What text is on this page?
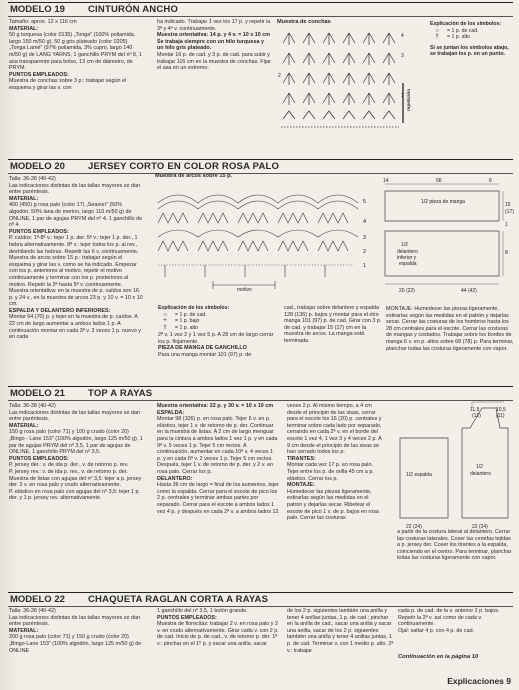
MODELO 19	CINTURÓN ANCHO

Tamaño: aprox. 12 x 116 cm

MATERIAL:

50 g turquesa (color 0135) „Tonga" (100% poliamida, largo 150 m/50 g), 50 g gris plateado (color 0205) „Tonga Lamé" (97% poliamida, 3% cupro, largo 140 m/50 g) de LANG YARNS, 1 ganchillo PRYM del nº 8, 1 asa transparente para bolso, 13 cm de diámetro, de PRYM.

PUNTOS EMPLEADOS:

Muestra de conchas sobre 3 p.: trabajar según el esquema y girar las v. con

ha indicado. Trabajar 1 vez los 17 p. y repetir la 3ª y 4ª v. continuamente.

Muestra orientativa: 14 p. y 4 v. = 10 x 10 cm

Se trabaja siempre con un hilo turquesa y un hilo gris plateado.

Montar 16 p. de cad. y 3 p. de cad. para subir y trabajar 116 cm en la muestra de conchas. Fijar el asa en un extremo.

Muestra de conchas
4
3
2
1 repetición
Explicación de los símbolos:
○	= 1 p. de cad.
†	= 1 p. alto
Si se juntan los símbolos abajo, se trabajan los p. en un punto.
MODELO 20	JERSEY CORTO EN COLOR ROSA PALO

Talla: 36-38 (40-42)

Las indicaciones distintas de las tallas mayores se dan entre paréntesis.

MATERIAL:

400 (450) g rosa palo (color 17) „Season" (50% algodón, 50% lana de merino, largo 110 m/50 g) de ONLINE, 1 par de agujas PRYM del nº 4, 1 ganchillo de nº 4.

PUNTOS EMPLEADOS:

P. caídos: 1ª-8ª v.: tejer 1 p. der. 5ª v.: tejer 1 p. der., 1 hebra alternativamente. 8ª v.: tejer todos los p. al rev., deshilando las hebras. Repetir las 6 v. continuamente.

Muestra de arcos sobre 15 p.: trabajar según el esquema y girar las v. como se ha indicado. Empezar con los p. anteriores al motivo, repetir el motivo continuamente y terminar con los p. posteriores al motivo. Repetir la 2ª hasta 5ª v. continuamente.

Muestra orientativa: en la muestra de p. caídos son 16 p. y 24 v., en la muestra de arcos 23 p. y 10 v. = 10 x 10 cm.

ESPALDA Y DELANTERO INFERIORES:

Montar 64 (70) p. y tejer en la muestra de p. caídos. A 22 cm de largo aumentar a ambos lados 1 p. A continuación montar en cada 3ª v. 3 veces 1 p. nuevo y en cada

Muestra de arcos sobre 15 p.
5
4
3
2
1
motivo
Explicación de los símbolos:
○	= 1 p. de cad.
+	= 1 p. bajo
†	= 1 p. alto

2ª v. 1 vez 2 y 1 vez 5 p. A 28 cm de largo cerrar los p. flojamente.

PIEZA DE MANGA DE GANCHILLO

Para una manga montar 101 (97) p. de

cad., trabajar sobre delantero y espalda 128 (136) p. bajos y montar para el otro manga 101 (97) p. de cad. Girar con 3 p. de cad. y trabajar 15 (17) cm en la muestra de arcos. La manga está terminada.

14	56	6
15
(17)
1/2 pieza de manga
1/2
delantero
inferior y
espalda
8
20 (22)	44 (42)
1

MONTAJE: Humedecer las piezas ligeramente, estirarlas según las medidas en el patrón y dejarlas secar. Cerrar las costuras de los hombros hasta los 28 cm centrales para el escote. Cerrar las costuras de mangas y costados. Trabajar sobre los bordes de manga 6 v. en p. altos sobre 68 (78) p. Para terminar, planchar todas las costuras ligeramente con vapor.

MODELO 21	TOP A RAYAS

Talla: 36-38 (40-42)

Las indicaciones distintas de las tallas mayores se dan entre paréntesis.

MATERIAL:

150 g rosa palo (color 71) y 100 g crudo (color 20) „Bingo - Lane 153" (100% algodón, largo 125 m/50 g), 1 par de agujas PRYM del nº 3,5, 1 par de agujas de ONLINE, 1 ganchillo PRYM del nº 3,5.

PUNTOS EMPLEADOS:

P. jersey der.: v. de ida p. der., v. de retorno p. rev.

P. jersey rev.: v. de ida p. rev., v. de retorno p. der.

Muestra de listas con agujas del nº 3,5: tejer a p. jersey der. 2 v. en rosa palo y crudo alternativamente.

P. elástico en rosa palo con agujas del nº 3,5: tejer 1 p. der. y 1 p. jersey rev. alternativamente.

Muestra orientativa: 22 p. y 30 v. = 10 x 10 cm

ESPALDA:

Montar 98 (106) p. en rosa palo. Tejer 6 v. en p. elástico, tejer 1 v. de retorno de p. der. Continuar en la muestra de listas. A 2 cm de largo menguar para la cintura a ambos lados 1 vez 1 p. y en cada 9ª v. 5 veces 1 p. Tejer 5 cm rectos. A continuación, aumentar en cada 10ª v. 4 veces 1 p. y en cada 6ª v. 2 veces 1 p. Tejer 5 cm rectos. Después, tejer 1 v. de retorno de p. der. y 2 v. en rosa palo. Cerrar los p.

DELANTERO:

Hasta 36 cm de largo = final de los aumentos, tejer como la espalda. Cerrar para el escote de pico los 2 p. centrales y terminar ambas partes por separado. Cerrar para el escote a ambos lados 1 vez 4 p. y después en cada 2ª v. a ambos lados 12

veces 2 p. Al mismo tiempo, a 4 cm desde el principio de las sisas, cerrar para el escote los 16 (20) p. centrales y terminar sobre cada lado por separado, cerrando en cada 2ª v. en el borde del escote 1 vez 4, 1 vez 3 y 4 veces 2 p. A 9 cm desde el principio de las sisas se han cerrado todos los p.

TIRANTES:

Montar cada vez 17 p. en rosa palo. Tejer entre los p. de orilla 45 cm a p. elástico. Cerrar los p.

MONTAJE:

Humedecer las piezas ligeramente, estirarlas según las medidas en el patrón y dejarlas secar. Ribetear el escote de pico 1 v. de p. bajos en rosa palo. Cerrar las costuras

11,5	10,5
(12)	(11)
1/2 espalda
1/2
delantero
22 (24)	22 (24)

a partir de la costura lateral al delantero. Cerrar las costuras laterales. Coser las cenefas tejidas a p. jersey der. Coser los tirantes a la espalda, coinciendo en el centro. Para terminar, planchar todas las costuras ligeramente con vapor.

MODELO 22	CHAQUETA RAGLAN CORTA A RAYAS

Talla: 36-38 (40-42)

Las indicaciones distintas de las tallas mayores se dan entre paréntesis.

MATERIAL:

200 g rosa palo (color 71) y 150 g crudo (color 20) „Bingo-Lane 153" (100% algodón, largo 125 m/50 g) de ONLINE

1 ganchillo del nº 3,5, 1 botón grande.

PUNTOS EMPLEADOS:

Muestra de florecitas: trabajar 2 v. en rosa palo y 2 v. en crudo alternativamente. Girar cada v. con 2 p. de cad. Inicio de p. de cad., v. de retorno p. der. 1ª v.: pinchar en el 1º p. y sacar una anilla, sacar

de los 2 p. siguientes también una anilla y tener 4 anillas juntas, 1 p. de cad.; pinchar en la anilla de cad., sacar una anilla y sacar una anilla, sacar de los 2 p. siguientes también una anilla y tener 4 anillas juntas, 1 p. de cad. Terminar v. con 1 medio p. alto. 2ª v.: trabajar

cada p. de cad. de la v. anterior 2 p. bajos. Repetir la 2ª v. así como de cada v. continuamente.

Ojal: saltar 4 p. con 4 p. de cad.

Continuación en la página 10
Explicaciones 9
